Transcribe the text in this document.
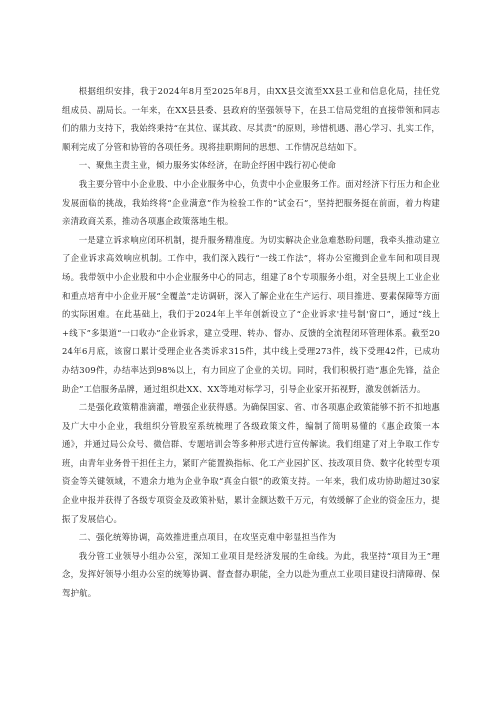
根据组织安排，我于2024年8月至2025年8月，由XX县交流至XX县工业和信息化局，挂任党组成员、副局长。一年来，在XX县县委、县政府的坚强领导下，在县工信局党组的直接带领和同志们的鼎力支持下，我始终秉持“在其位、谋其政、尽其责”的原则，珍惜机遇、潜心学习、扎实工作，顺利完成了分管和协管的各项任务。现将挂职期间的思想、工作情况总结如下。

一、聚焦主责主业，倾力服务实体经济，在助企纾困中践行初心使命

我主要分管中小企业股、中小企业服务中心，负责中小企业服务工作。面对经济下行压力和企业发展面临的挑战，我始终将“企业满意”作为检验工作的“试金石”，坚持把服务挺在前面，着力构建亲清政商关系，推动各项惠企政策落地生根。

一是建立诉求响应闭环机制，提升服务精准度。为切实解决企业急难愁盼问题，我牵头推动建立了企业诉求高效响应机制。工作中，我们深入践行“一线工作法”，将办公室搬到企业车间和项目现场。我带领中小企业股和中小企业服务中心的同志，组建了8个专项服务小组，对全县规上工业企业和重点培育中小企业开展“全覆盖”走访调研，深入了解企业在生产运行、项目推进、要素保障等方面的实际困难。在此基础上，我们于2024年上半年创新设立了“企业诉求'挂号制'窗口”，通过“线上+线下”多渠道“一口收办”企业诉求，建立受理、转办、督办、反馈的全流程闭环管理体系。截至2024年6月底，该窗口累计受理企业各类诉求315件，其中线上受理273件，线下受理42件，已成功办结309件，办结率达到98%以上，有力回应了企业的关切。同时，我们积极打造“惠企先锋，益企助企”工信服务品牌，通过组织赴XX、XX等地对标学习，引导企业家开拓视野，激发创新活力。

二是强化政策精准滴灌，增强企业获得感。为确保国家、省、市各项惠企政策能够不折不扣地惠及广大中小企业，我组织分管股室系统梳理了各级政策文件，编制了简明易懂的《惠企政策一本通》，并通过局公众号、微信群、专题培训会等多种形式进行宣传解读。我们组建了对上争取工作专班，由青年业务骨干担任主力，紧盯产能置换指标、化工产业园扩区、技改项目贷、数字化转型专项资金等关键领域，不遗余力地为企业争取“真金白银”的政策支持。一年来，我们成功协助超过30家企业申报并获得了各级专项资金及政策补贴，累计金额达数千万元，有效缓解了企业的资金压力，提振了发展信心。

二、强化统筹协调，高效推进重点项目，在攻坚克难中彰显担当作为

我分管工业领导小组办公室，深知工业项目是经济发展的生命线。为此，我坚持“项目为王”理念，发挥好领导小组办公室的统筹协调、督查督办职能，全力以赴为重点工业项目建设扫清障碍、保驾护航。
